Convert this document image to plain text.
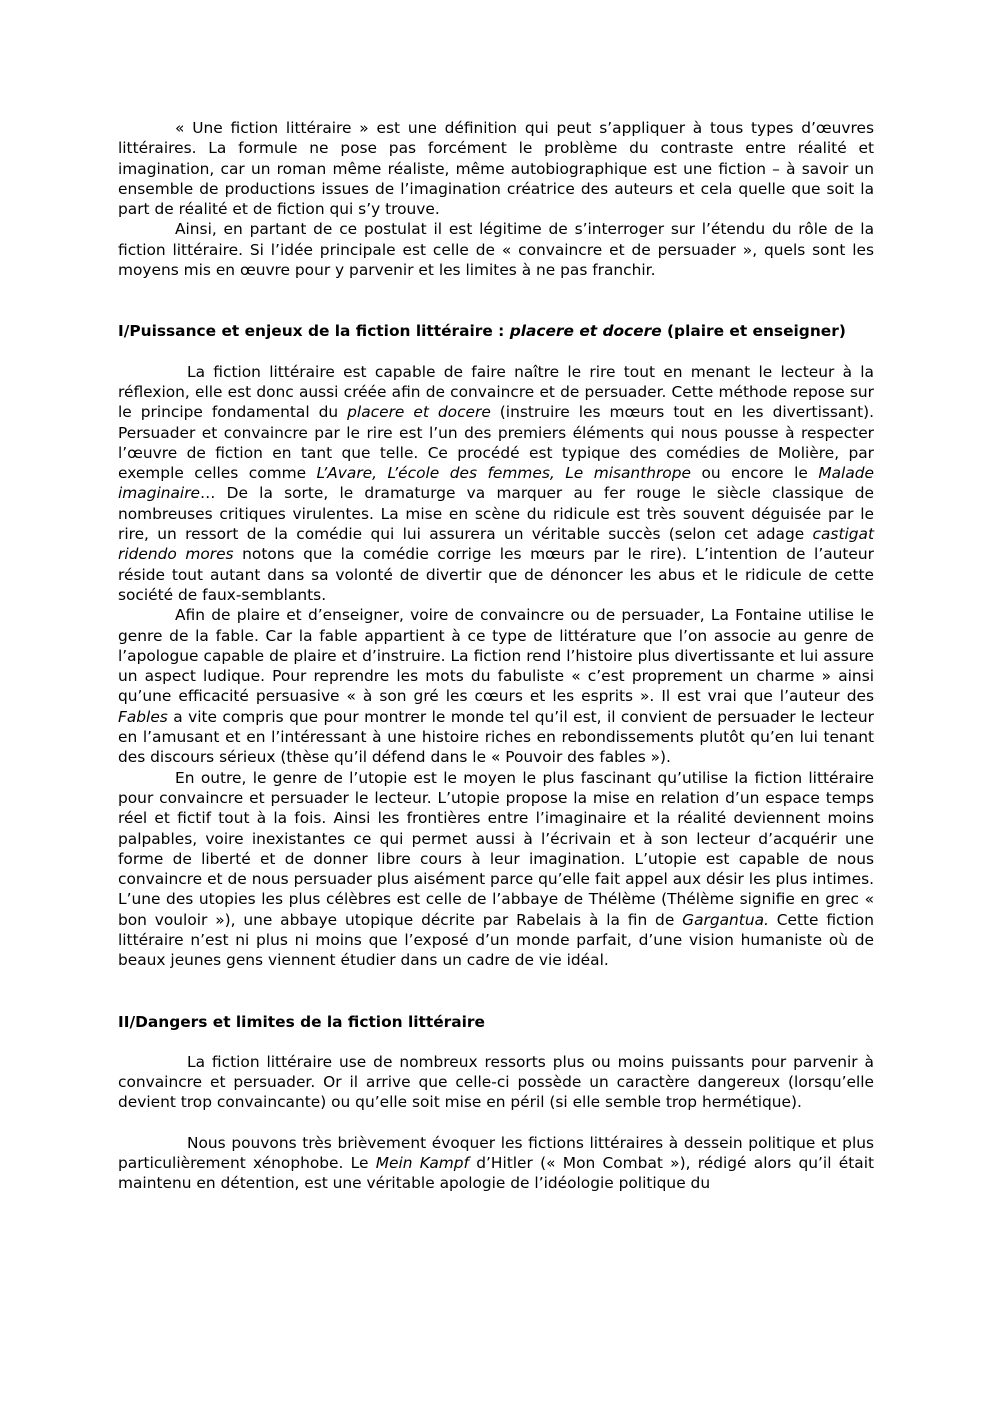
« Une fiction littéraire » est une définition qui peut s’appliquer à tous types d’œuvres littéraires. La formule ne pose pas forcément le problème du contraste entre réalité et imagination, car un roman même réaliste, même autobiographique est une fiction – à savoir un ensemble de productions issues de l’imagination créatrice des auteurs et cela quelle que soit la part de réalité et de fiction qui s’y trouve.

Ainsi, en partant de ce postulat il est légitime de s’interroger sur l’étendu du rôle de la fiction littéraire. Si l’idée principale est celle de « convaincre et de persuader », quels sont les moyens mis en œuvre pour y parvenir et les limites à ne pas franchir.

I/Puissance et enjeux de la fiction littéraire : placere et docere (plaire et enseigner)

La fiction littéraire est capable de faire naître le rire tout en menant le lecteur à la réflexion, elle est donc aussi créée afin de convaincre et de persuader. Cette méthode repose sur le principe fondamental du placere et docere (instruire les mœurs tout en les divertissant). Persuader et convaincre par le rire est l’un des premiers éléments qui nous pousse à respecter l’œuvre de fiction en tant que telle. Ce procédé est typique des comédies de Molière, par exemple celles comme L’Avare, L’école des femmes, Le misanthrope ou encore le Malade imaginaire… De la sorte, le dramaturge va marquer au fer rouge le siècle classique de nombreuses critiques virulentes. La mise en scène du ridicule est très souvent déguisée par le rire, un ressort de la comédie qui lui assurera un véritable succès (selon cet adage castigat ridendo mores notons que la comédie corrige les mœurs par le rire). L’intention de l’auteur réside tout autant dans sa volonté de divertir que de dénoncer les abus et le ridicule de cette société de faux-semblants.

Afin de plaire et d’enseigner, voire de convaincre ou de persuader, La Fontaine utilise le genre de la fable. Car la fable appartient à ce type de littérature que l’on associe au genre de l’apologue capable de plaire et d’instruire. La fiction rend l’histoire plus divertissante et lui assure un aspect ludique. Pour reprendre les mots du fabuliste « c’est proprement un charme » ainsi qu’une efficacité persuasive « à son gré les cœurs et les esprits ». Il est vrai que l’auteur des Fables a vite compris que pour montrer le monde tel qu’il est, il convient de persuader le lecteur en l’amusant et en l’intéressant à une histoire riches en rebondissements plutôt qu’en lui tenant des discours sérieux (thèse qu’il défend dans le « Pouvoir des fables »).

En outre, le genre de l’utopie est le moyen le plus fascinant qu’utilise la fiction littéraire pour convaincre et persuader le lecteur. L’utopie propose la mise en relation d’un espace temps réel et fictif tout à la fois. Ainsi les frontières entre l’imaginaire et la réalité deviennent moins palpables, voire inexistantes ce qui permet aussi à l’écrivain et à son lecteur d’acquérir une forme de liberté et de donner libre cours à leur imagination. L’utopie est capable de nous convaincre et de nous persuader plus aisément parce qu’elle fait appel aux désir les plus intimes. L’une des utopies les plus célèbres est celle de l’abbaye de Thélème (Thélème signifie en grec « bon vouloir »), une abbaye utopique décrite par Rabelais à la fin de Gargantua. Cette fiction littéraire n’est ni plus ni moins que l’exposé d’un monde parfait, d’une vision humaniste où de beaux jeunes gens viennent étudier dans un cadre de vie idéal.

II/Dangers et limites de la fiction littéraire

La fiction littéraire use de nombreux ressorts plus ou moins puissants pour parvenir à convaincre et persuader. Or il arrive que celle-ci possède un caractère dangereux (lorsqu’elle devient trop convaincante) ou qu’elle soit mise en péril (si elle semble trop hermétique).

Nous pouvons très brièvement évoquer les fictions littéraires à dessein politique et plus particulièrement xénophobe. Le Mein Kampf d’Hitler (« Mon Combat »), rédigé alors qu’il était maintenu en détention, est une véritable apologie de l’idéologie politique du
